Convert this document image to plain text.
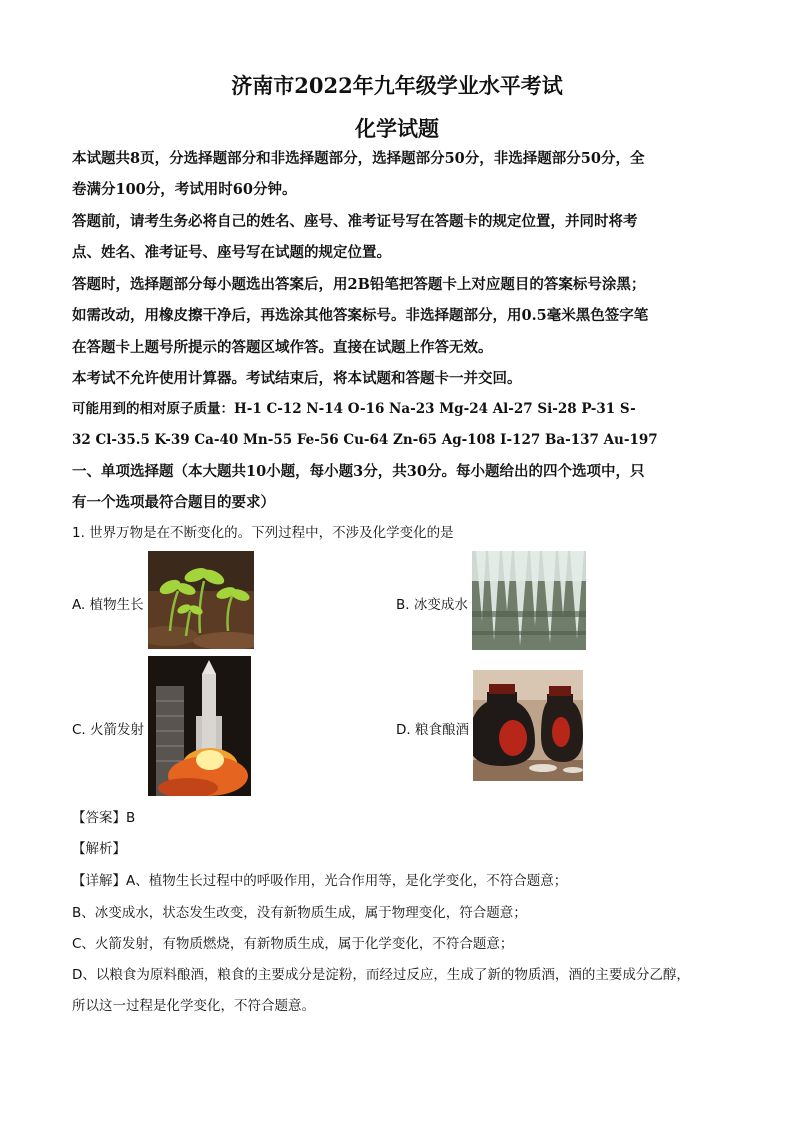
济南市2022年九年级学业水平考试
化学试题
本试题共8页，分选择题部分和非选择题部分，选择题部分50分，非选择题部分50分，全
卷满分100分，考试用时60分钟。
答题前，请考生务必将自己的姓名、座号、准考证号写在答题卡的规定位置，并同时将考
点、姓名、准考证号、座号写在试题的规定位置。
答题时，选择题部分每小题选出答案后，用2B铅笔把答题卡上对应题目的答案标号涂黑；
如需改动，用橡皮擦干净后，再选涂其他答案标号。非选择题部分，用0.5毫米黑色签字笔
在答题卡上题号所提示的答题区域作答。直接在试题上作答无效。
本考试不允许使用计算器。考试结束后，将本试题和答题卡一并交回。
可能用到的相对原子质量：H-1 C-12 N-14 O-16 Na-23 Mg-24 Al-27 Si-28 P-31 S-
32 Cl-35.5 K-39 Ca-40 Mn-55 Fe-56 Cu-64 Zn-65 Ag-108 I-127 Ba-137 Au-197
一、单项选择题（本大题共10小题，每小题3分，共30分。每小题给出的四个选项中，只
有一个选项最符合题目的要求）
1. 世界万物是在不断变化的。下列过程中，不涉及化学变化的是
A. 植物生长	B. 冰变成水
C. 火箭发射	D. 粮食酿酒
【答案】B
【解析】
【详解】A、植物生长过程中的呼吸作用，光合作用等，是化学变化，不符合题意；
B、冰变成水，状态发生改变，没有新物质生成，属于物理变化，符合题意；
C、火箭发射，有物质燃烧，有新物质生成，属于化学变化，不符合题意；
D、以粮食为原料酿酒，粮食的主要成分是淀粉，而经过反应，生成了新的物质酒，酒的主要成分乙醇，
所以这一过程是化学变化，不符合题意。
